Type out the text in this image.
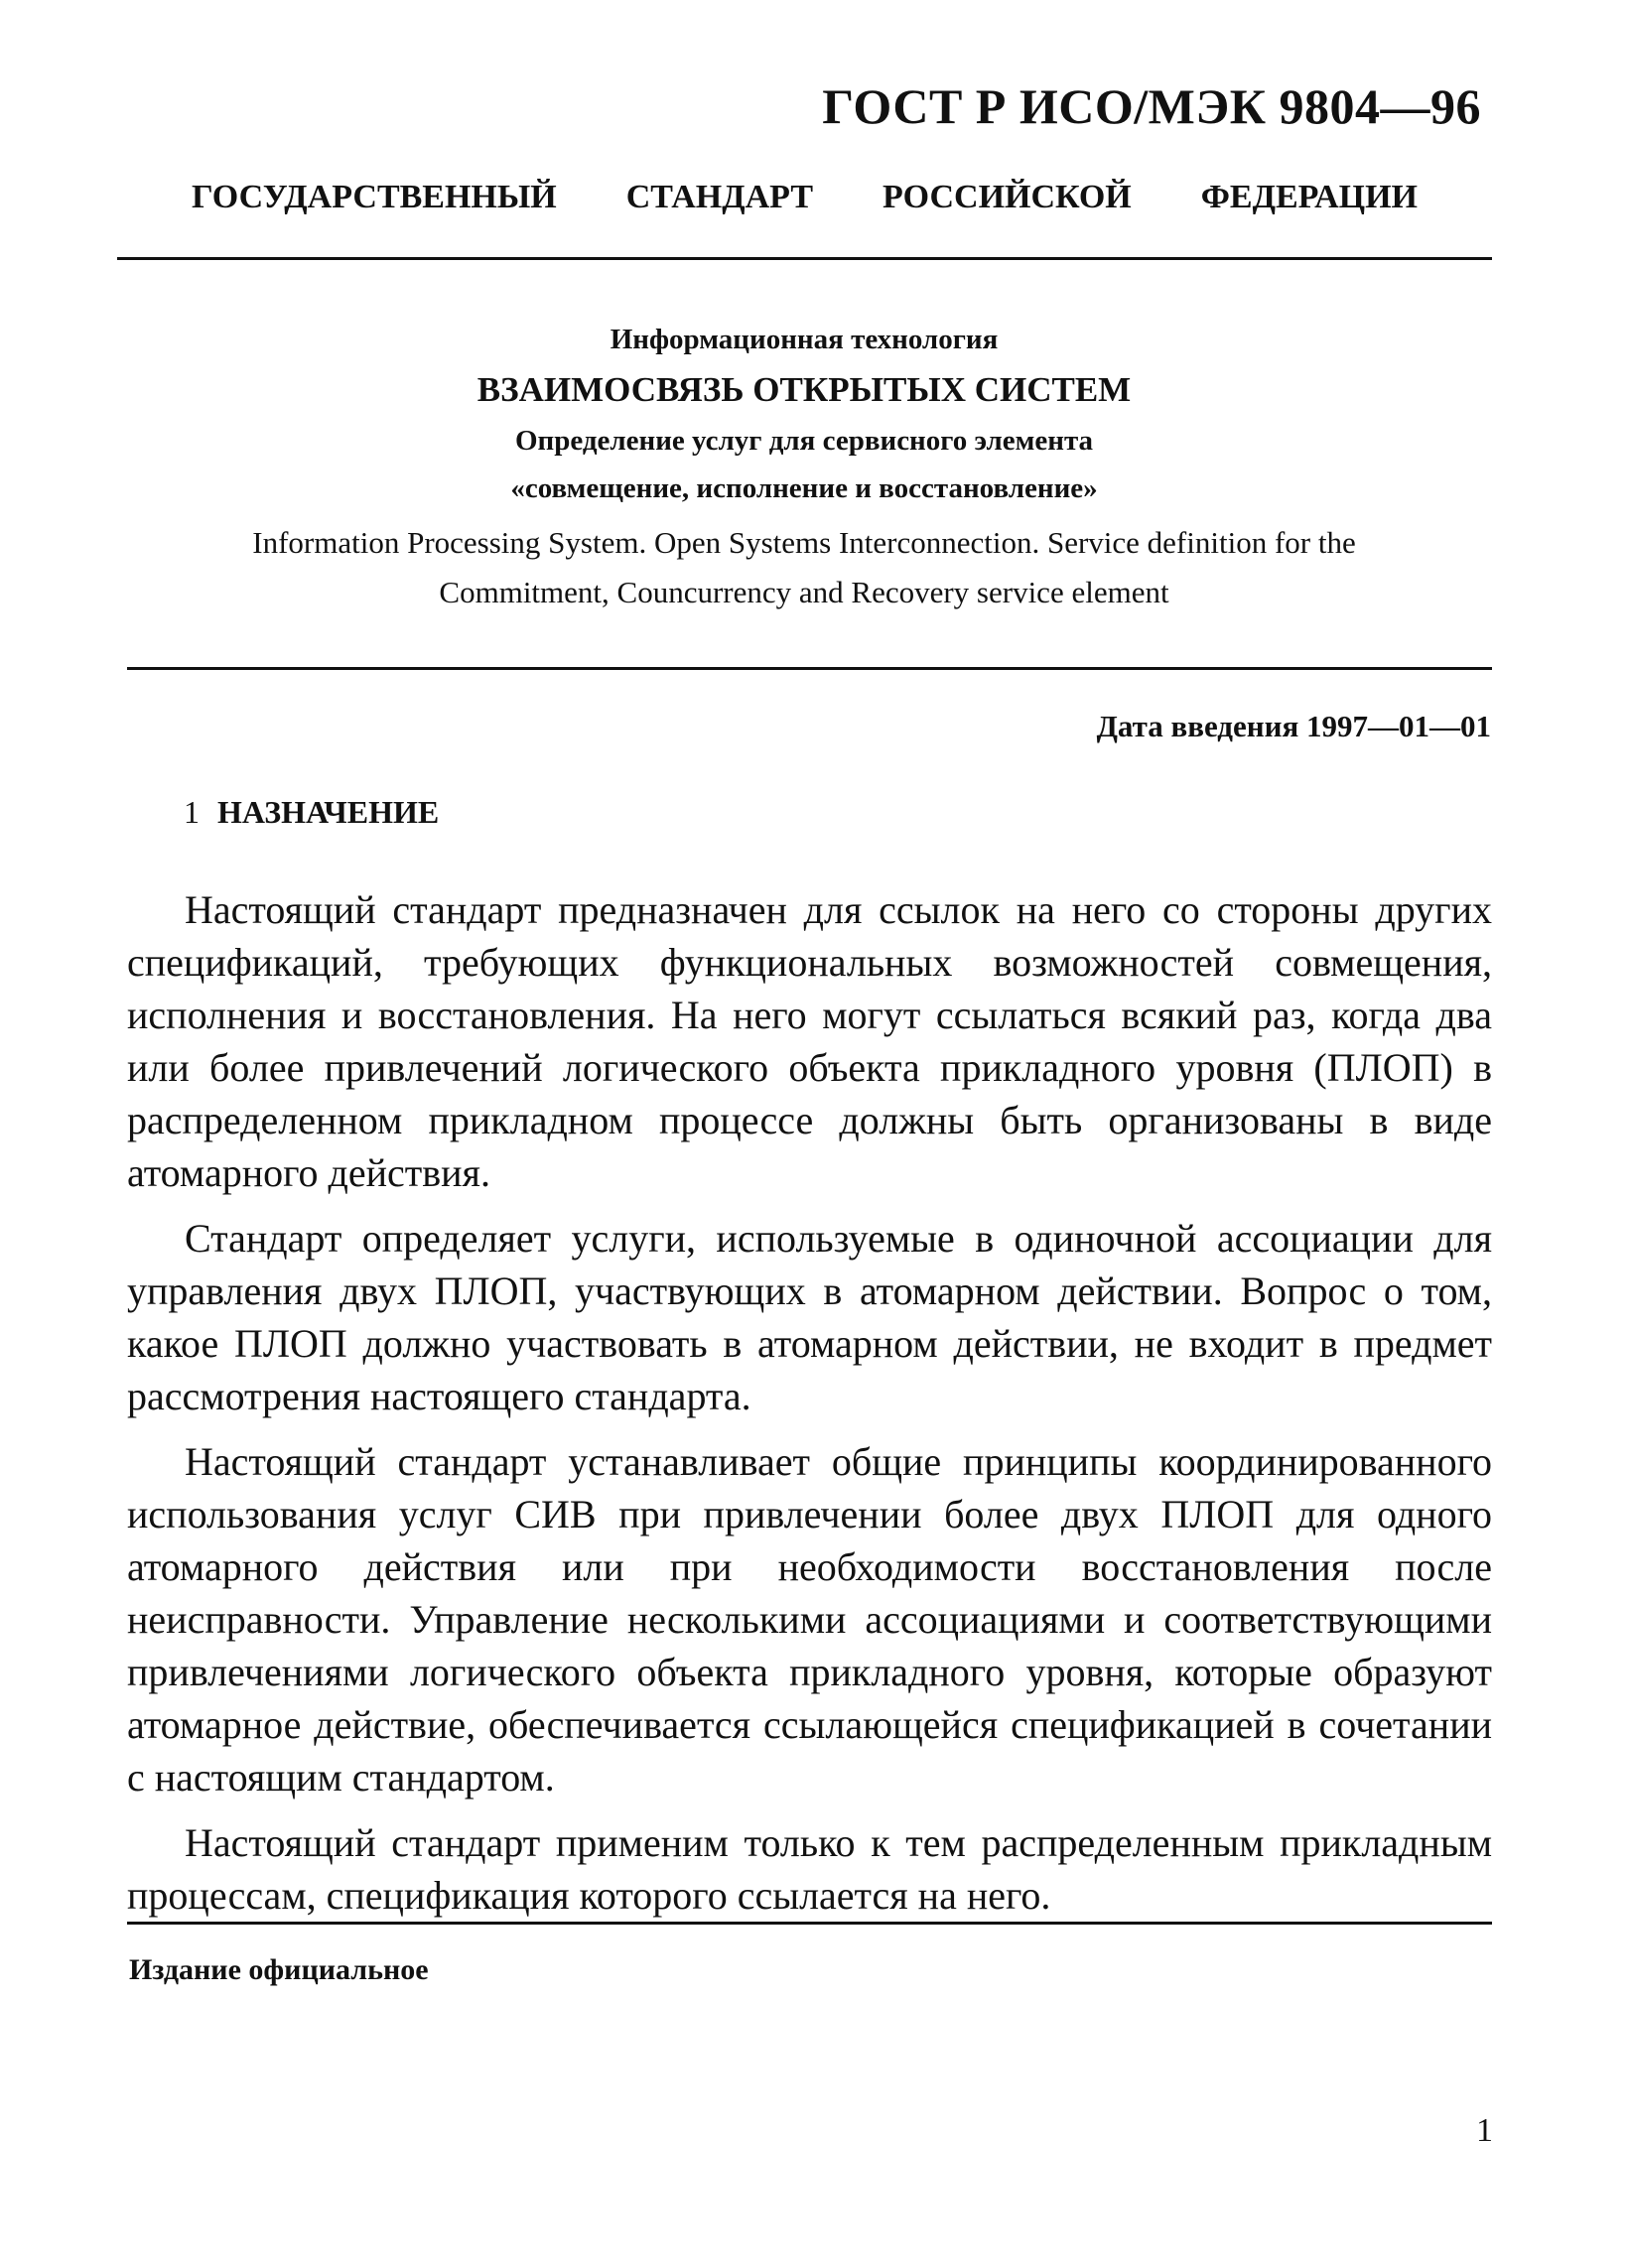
ГОСТ Р ИСО/МЭК 9804—96
ГОСУДАРСТВЕННЫЙ СТАНДАРТ РОССИЙСКОЙ ФЕДЕРАЦИИ
Информационная технология
ВЗАИМОСВЯЗЬ ОТКРЫТЫХ СИСТЕМ
Определение услуг для сервисного элемента
«совмещение, исполнение и восстановление»
Information Processing System. Open Systems Interconnection. Service definition for the
Commitment, Councurrency and Recovery service element
Дата введения 1997—01—01
1 НАЗНАЧЕНИЕ

Настоящий стандарт предназначен для ссылок на него со стороны других спецификаций, требующих функциональных возможностей совмещения, исполнения и восстановления. На него могут ссылаться всякий раз, когда два или более привлечений логического объекта прикладного уровня (ПЛОП) в распределенном прикладном процессе должны быть организованы в виде атомарного действия.

Стандарт определяет услуги, используемые в одиночной ассоциации для управления двух ПЛОП, участвующих в атомарном действии. Вопрос о том, какое ПЛОП должно участвовать в атомарном действии, не входит в предмет рассмотрения настоящего стандарта.

Настоящий стандарт устанавливает общие принципы координированного использования услуг СИВ при привлечении более двух ПЛОП для одного атомарного действия или при необходимости восстановления после неисправности. Управление несколькими ассоциациями и соответствующими привлечениями логического объекта прикладного уровня, которые образуют атомарное действие, обеспечивается ссылающейся спецификацией в сочетании с настоящим стандартом.

Настоящий стандарт применим только к тем распределенным прикладным процессам, спецификация которого ссылается на него.

Издание официальное
1
